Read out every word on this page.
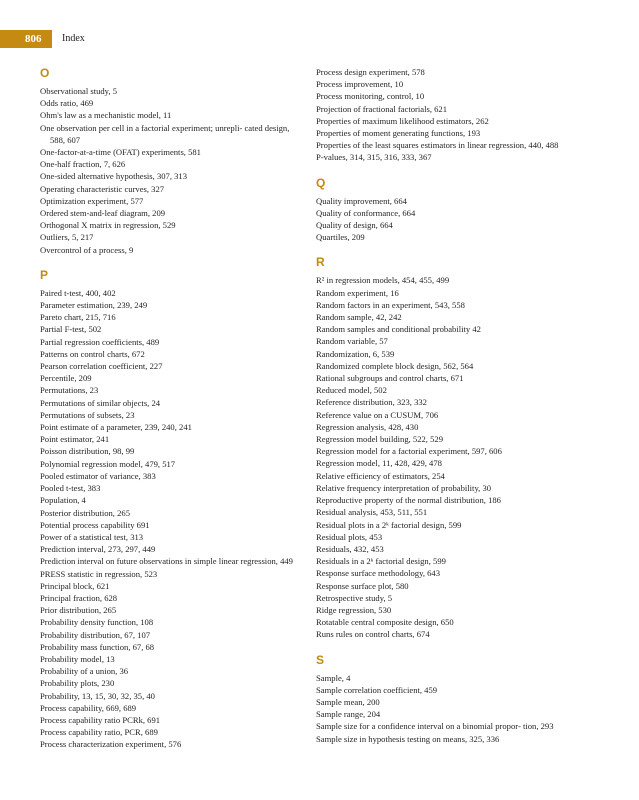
806 Index
O
Observational study, 5
Odds ratio, 469
Ohm's law as a mechanistic model, 11
One observation per cell in a factorial experiment; unrepli- cated design, 588, 607
One-factor-at-a-time (OFAT) experiments, 581
One-half fraction, 7, 626
One-sided alternative hypothesis, 307, 313
Operating characteristic curves, 327
Optimization experiment, 577
Ordered stem-and-leaf diagram, 209
Orthogonal X matrix in regression, 529
Outliers, 5, 217
Overcontrol of a process, 9
P
Paired t-test, 400, 402
Parameter estimation, 239, 249
Pareto chart, 215, 716
Partial F-test, 502
Partial regression coefficients, 489
Patterns on control charts, 672
Pearson correlation coefficient, 227
Percentile, 209
Permutations, 23
Permutations of similar objects, 24
Permutations of subsets, 23
Point estimate of a parameter, 239, 240, 241
Point estimator, 241
Poisson distribution, 98, 99
Polynomial regression model, 479, 517
Pooled estimator of variance, 383
Pooled t-test, 383
Population, 4
Posterior distribution, 265
Potential process capability 691
Power of a statistical test, 313
Prediction interval, 273, 297, 449
Prediction interval on future observations in simple linear regression, 449
PRESS statistic in regression, 523
Principal block, 621
Principal fraction, 628
Prior distribution, 265
Probability density function, 108
Probability distribution, 67, 107
Probability mass function, 67, 68
Probability model, 13
Probability of a union, 36
Probability plots, 230
Probability, 13, 15, 30, 32, 35, 40
Process capability, 669, 689
Process capability ratio PCRk, 691
Process capability ratio, PCR, 689
Process characterization experiment, 576
Process design experiment, 578
Process improvement, 10
Process monitoring, control, 10
Projection of fractional factorials, 621
Properties of maximum likelihood estimators, 262
Properties of moment generating functions, 193
Properties of the least squares estimators in linear regression, 440, 488
P-values, 314, 315, 316, 333, 367
Q
Quality improvement, 664
Quality of conformance, 664
Quality of design, 664
Quartiles, 209
R
R² in regression models, 454, 455, 499
Random experiment, 16
Random factors in an experiment, 543, 558
Random sample, 42, 242
Random samples and conditional probability 42
Random variable, 57
Randomization, 6, 539
Randomized complete block design, 562, 564
Rational subgroups and control charts, 671
Reduced model, 502
Reference distribution, 323, 332
Reference value on a CUSUM, 706
Regression analysis, 428, 430
Regression model building, 522, 529
Regression model for a factorial experiment, 597, 606
Regression model, 11, 428, 429, 478
Relative efficiency of estimators, 254
Relative frequency interpretation of probability, 30
Reproductive property of the normal distribution, 186
Residual analysis, 453, 511, 551
Residual plots in a 2ᵏ factorial design, 599
Residual plots, 453
Residuals, 432, 453
Residuals in a 2ᵏ factorial design, 599
Response surface methodology, 643
Response surface plot, 580
Retrospective study, 5
Ridge regression, 530
Rotatable central composite design, 650
Runs rules on control charts, 674
S
Sample, 4
Sample correlation coefficient, 459
Sample mean, 200
Sample range, 204
Sample size for a confidence interval on a binomial propor- tion, 293
Sample size in hypothesis testing on means, 325, 336
